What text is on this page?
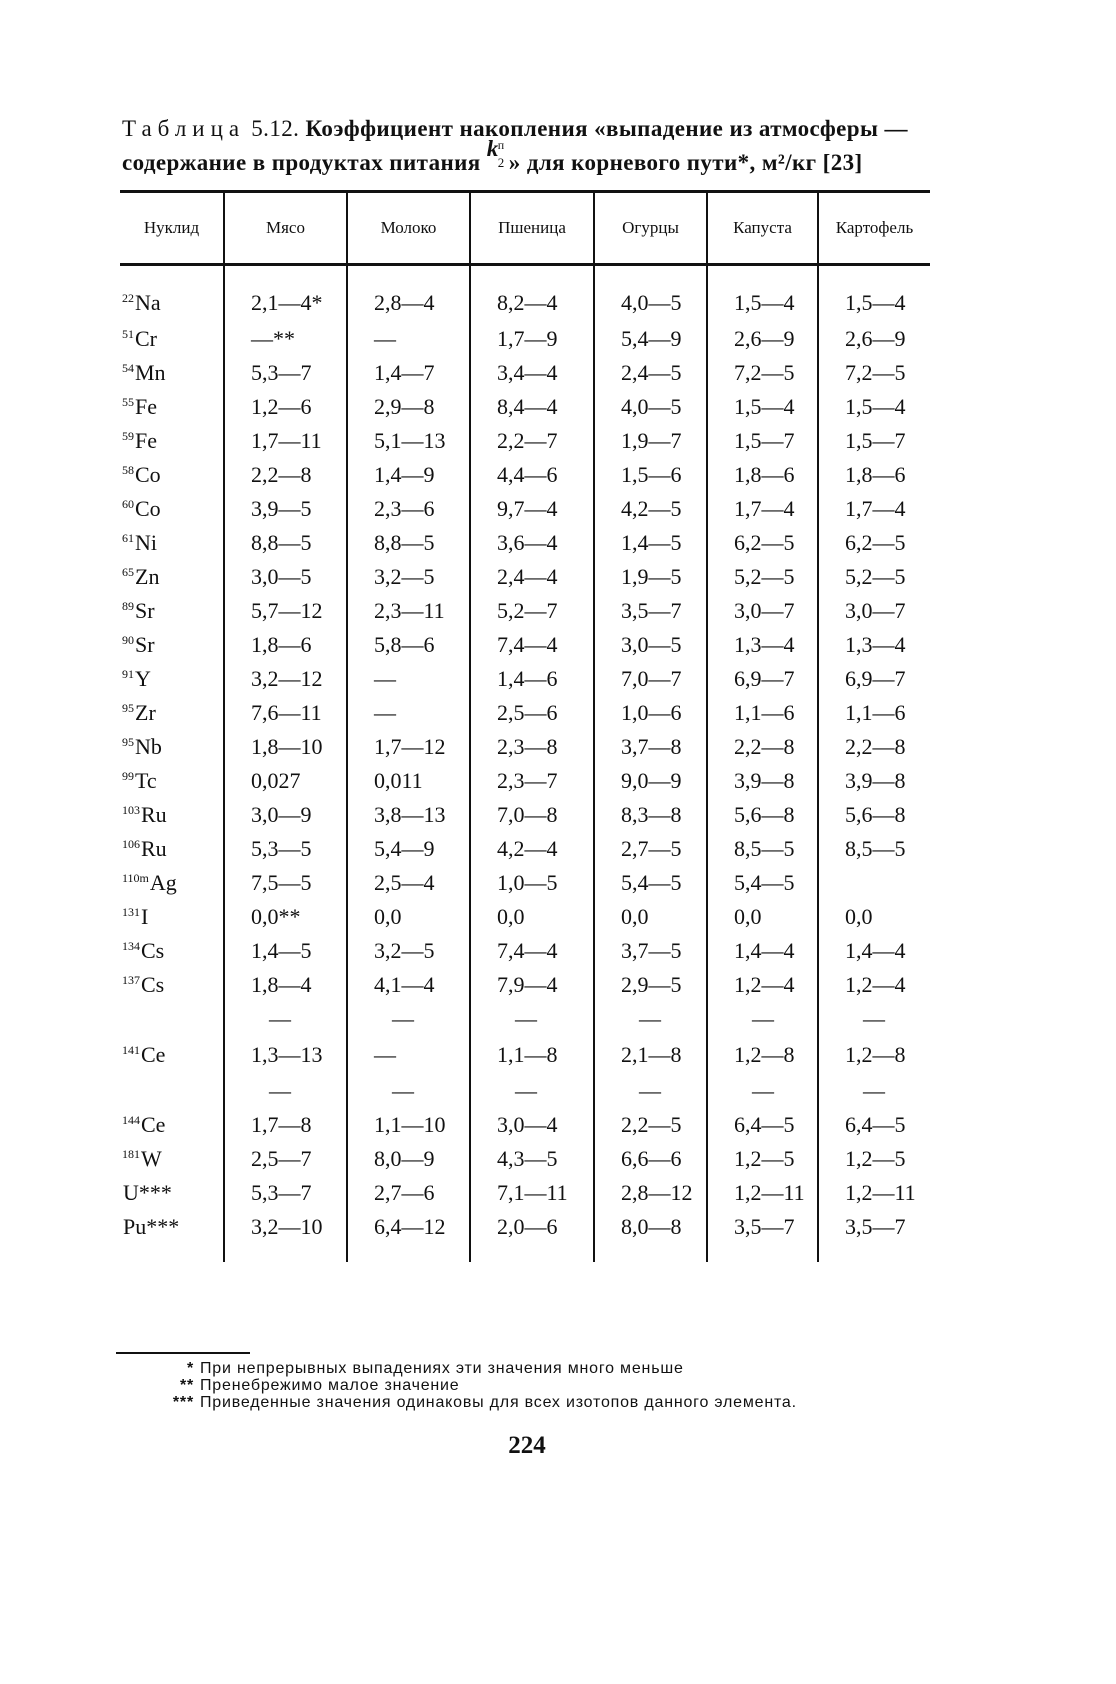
Таблица 5.12. Коэффициент накопления «выпадение из атмосферы —
содержание в продуктах питания
k п
2 » для корневого пути*, м²/кг [23]
Нуклид	Мясо	Молоко	Пшеница	Огурцы	Капуста	Картофель

$^{22}$Na	2,1—4*	2,8—4	8,2—4	4,0—5	1,5—4	1,5—4
$^{51}$Cr	—**	—	1,7—9	5,4—9	2,6—9	2,6—9
$^{54}$Mn	5,3—7	1,4—7	3,4—4	2,4—5	7,2—5	7,2—5
$^{55}$Fe	1,2—6	2,9—8	8,4—4	4,0—5	1,5—4	1,5—4
$^{59}$Fe	1,7—11	5,1—13	2,2—7	1,9—7	1,5—7	1,5—7
$^{58}$Co	2,2—8	1,4—9	4,4—6	1,5—6	1,8—6	1,8—6
$^{60}$Co	3,9—5	2,3—6	9,7—4	4,2—5	1,7—4	1,7—4
$^{61}$Ni	8,8—5	8,8—5	3,6—4	1,4—5	6,2—5	6,2—5
$^{65}$Zn	3,0—5	3,2—5	2,4—4	1,9—5	5,2—5	5,2—5
$^{89}$Sr	5,7—12	2,3—11	5,2—7	3,5—7	3,0—7	3,0—7
$^{90}$Sr	1,8—6	5,8—6	7,4—4	3,0—5	1,3—4	1,3—4
$^{91}$Y	3,2—12	—	1,4—6	7,0—7	6,9—7	6,9—7
$^{95}$Zr	7,6—11	—	2,5—6	1,0—6	1,1—6	1,1—6
$^{95}$Nb	1,8—10	1,7—12	2,3—8	3,7—8	2,2—8	2,2—8
$^{99}$Tc	0,027	0,011	2,3—7	9,0—9	3,9—8	3,9—8
$^{103}$Ru	3,0—9	3,8—13	7,0—8	8,3—8	5,6—8	5,6—8
$^{106}$Ru	5,3—5	5,4—9	4,2—4	2,7—5	8,5—5	8,5—5
$^{110m}$Ag	7,5—5	2,5—4	1,0—5	5,4—5	5,4—5	
$^{131}$I	0,0**	0,0	0,0	0,0	0,0	0,0
$^{134}$Cs	1,4—5	3,2—5	7,4—4	3,7—5	1,4—4	1,4—4
$^{137}$Cs	1,8—4	4,1—4	7,9—4	2,9—5	1,2—4	1,2—4
	—	—	—	—	—	—
$^{141}$Ce	1,3—13	—	1,1—8	2,1—8	1,2—8	1,2—8
	—	—	—	—	—	—
$^{144}$Ce	1,7—8	1,1—10	3,0—4	2,2—5	6,4—5	6,4—5
$^{181}$W	2,5—7	8,0—9	4,3—5	6,6—6	1,2—5	1,2—5
U***	5,3—7	2,7—6	7,1—11	2,8—12	1,2—11	1,2—11
Pu***	3,2—10	6,4—12	2,0—6	8,0—8	3,5—7	3,5—7

* При непрерывных выпадениях эти значения много меньше
** Пренебрежимо малое значение
*** Приведенные значения одинаковы для всех изотопов данного элемента.
224
